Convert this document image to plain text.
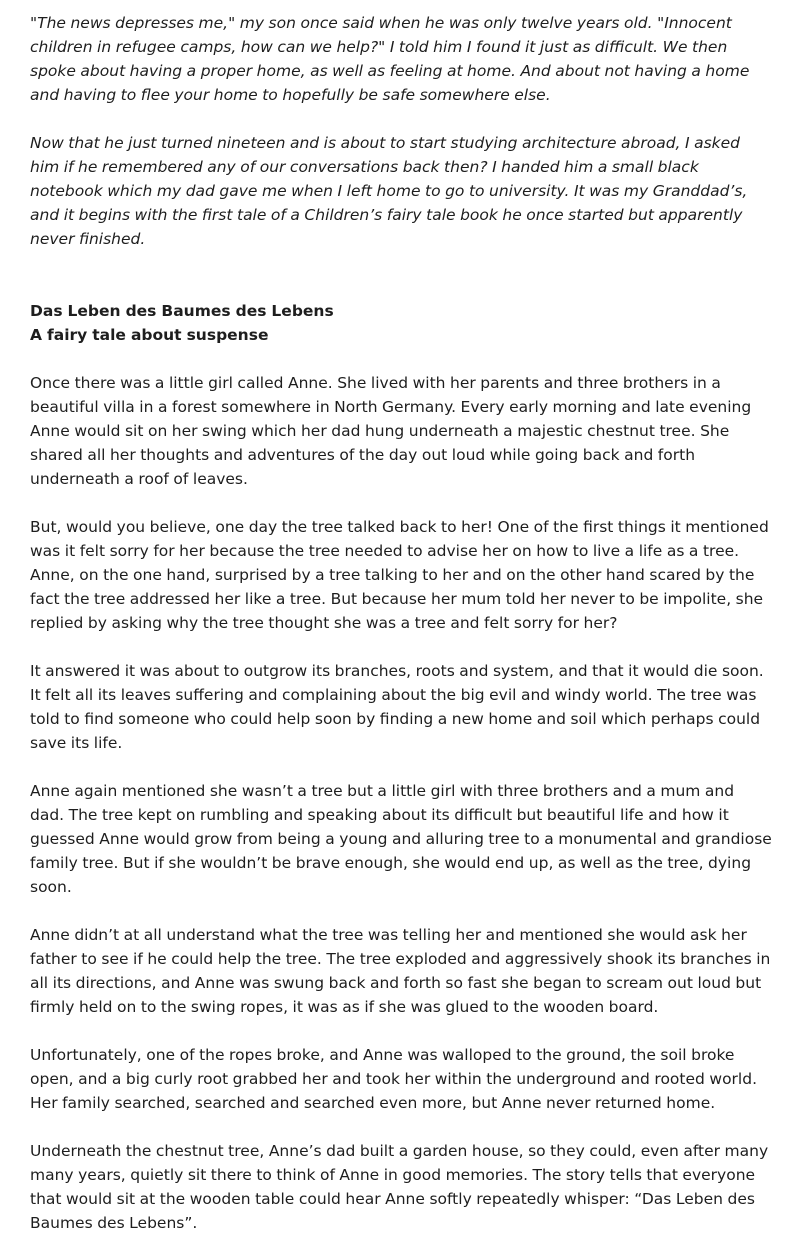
"The news depresses me," my son once said when he was only twelve years old. "Innocent children in refugee camps, how can we help?" I told him I found it just as difficult. We then spoke about having a proper home, as well as feeling at home. And about not having a home and having to flee your home to hopefully be safe somewhere else.

Now that he just turned nineteen and is about to start studying architecture abroad, I asked him if he remembered any of our conversations back then? I handed him a small black notebook which my dad gave me when I left home to go to university. It was my Granddad’s, and it begins with the first tale of a Children’s fairy tale book he once started but apparently never finished.

Das Leben des Baumes des Lebens

A fairy tale about suspense

Once there was a little girl called Anne. She lived with her parents and three brothers in a beautiful villa in a forest somewhere in North Germany. Every early morning and late evening Anne would sit on her swing which her dad hung underneath a majestic chestnut tree. She shared all her thoughts and adventures of the day out loud while going back and forth underneath a roof of leaves.

But, would you believe, one day the tree talked back to her! One of the first things it mentioned was it felt sorry for her because the tree needed to advise her on how to live a life as a tree. Anne, on the one hand, surprised by a tree talking to her and on the other hand scared by the fact the tree addressed her like a tree. But because her mum told her never to be impolite, she replied by asking why the tree thought she was a tree and felt sorry for her?

It answered it was about to outgrow its branches, roots and system, and that it would die soon. It felt all its leaves suffering and complaining about the big evil and windy world. The tree was told to find someone who could help soon by finding a new home and soil which perhaps could save its life.

Anne again mentioned she wasn’t a tree but a little girl with three brothers and a mum and dad. The tree kept on rumbling and speaking about its difficult but beautiful life and how it guessed Anne would grow from being a young and alluring tree to a monumental and grandiose family tree. But if she wouldn’t be brave enough, she would end up, as well as the tree, dying soon.

Anne didn’t at all understand what the tree was telling her and mentioned she would ask her father to see if he could help the tree. The tree exploded and aggressively shook its branches in all its directions, and Anne was swung back and forth so fast she began to scream out loud but firmly held on to the swing ropes, it was as if she was glued to the wooden board.

Unfortunately, one of the ropes broke, and Anne was walloped to the ground, the soil broke open, and a big curly root grabbed her and took her within the underground and rooted world. Her family searched, searched and searched even more, but Anne never returned home.

Underneath the chestnut tree, Anne’s dad built a garden house, so they could, even after many many years, quietly sit there to think of Anne in good memories. The story tells that everyone that would sit at the wooden table could hear Anne softly repeatedly whisper: “Das Leben des Baumes des Lebens”.
